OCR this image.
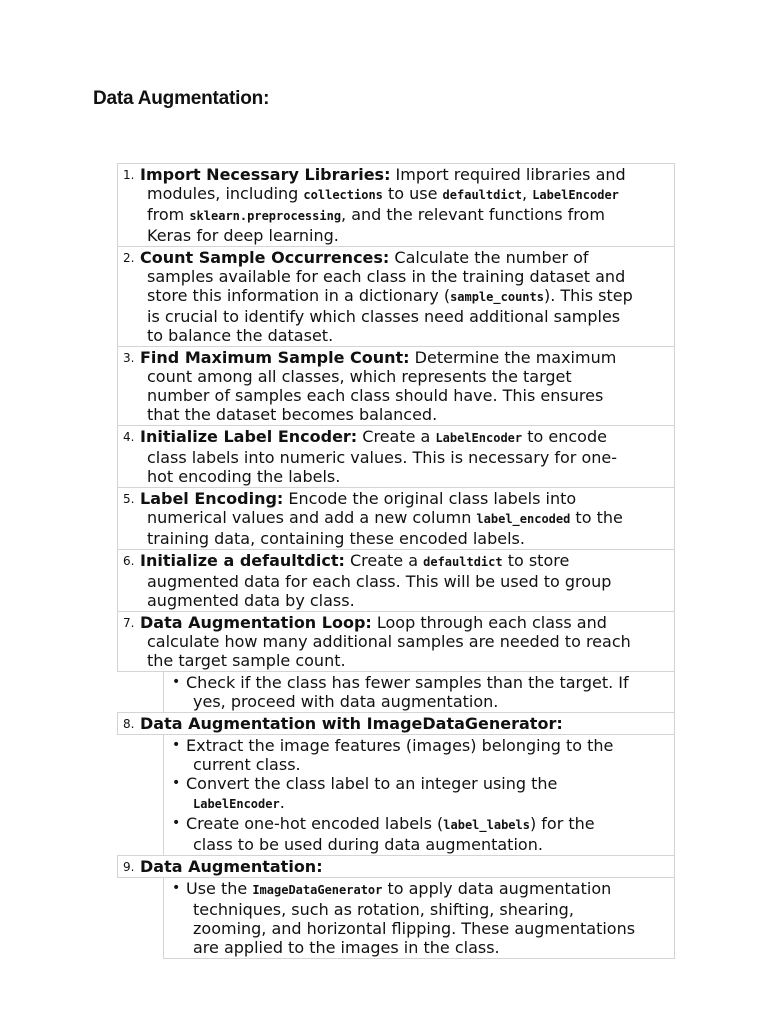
Data Augmentation:
1. Import Necessary Libraries: Import required libraries and
modules, including collections to use defaultdict, LabelEncoder
from sklearn.preprocessing, and the relevant functions from
Keras for deep learning.
2. Count Sample Occurrences: Calculate the number of
samples available for each class in the training dataset and
store this information in a dictionary (sample_counts). This step
is crucial to identify which classes need additional samples
to balance the dataset.
3. Find Maximum Sample Count: Determine the maximum
count among all classes, which represents the target
number of samples each class should have. This ensures
that the dataset becomes balanced.
4. Initialize Label Encoder: Create a LabelEncoder to encode
class labels into numeric values. This is necessary for one-
hot encoding the labels.
5. Label Encoding: Encode the original class labels into
numerical values and add a new column label_encoded to the
training data, containing these encoded labels.
6. Initialize a defaultdict: Create a defaultdict to store
augmented data for each class. This will be used to group
augmented data by class.
7. Data Augmentation Loop: Loop through each class and
calculate how many additional samples are needed to reach
the target sample count.
• Check if the class has fewer samples than the target. If
yes, proceed with data augmentation.
8. Data Augmentation with ImageDataGenerator:
• Extract the image features (images) belonging to the
current class.
• Convert the class label to an integer using the
LabelEncoder.
• Create one-hot encoded labels (label_labels) for the
class to be used during data augmentation.
9. Data Augmentation:
• Use the ImageDataGenerator to apply data augmentation
techniques, such as rotation, shifting, shearing,
zooming, and horizontal flipping. These augmentations
are applied to the images in the class.
